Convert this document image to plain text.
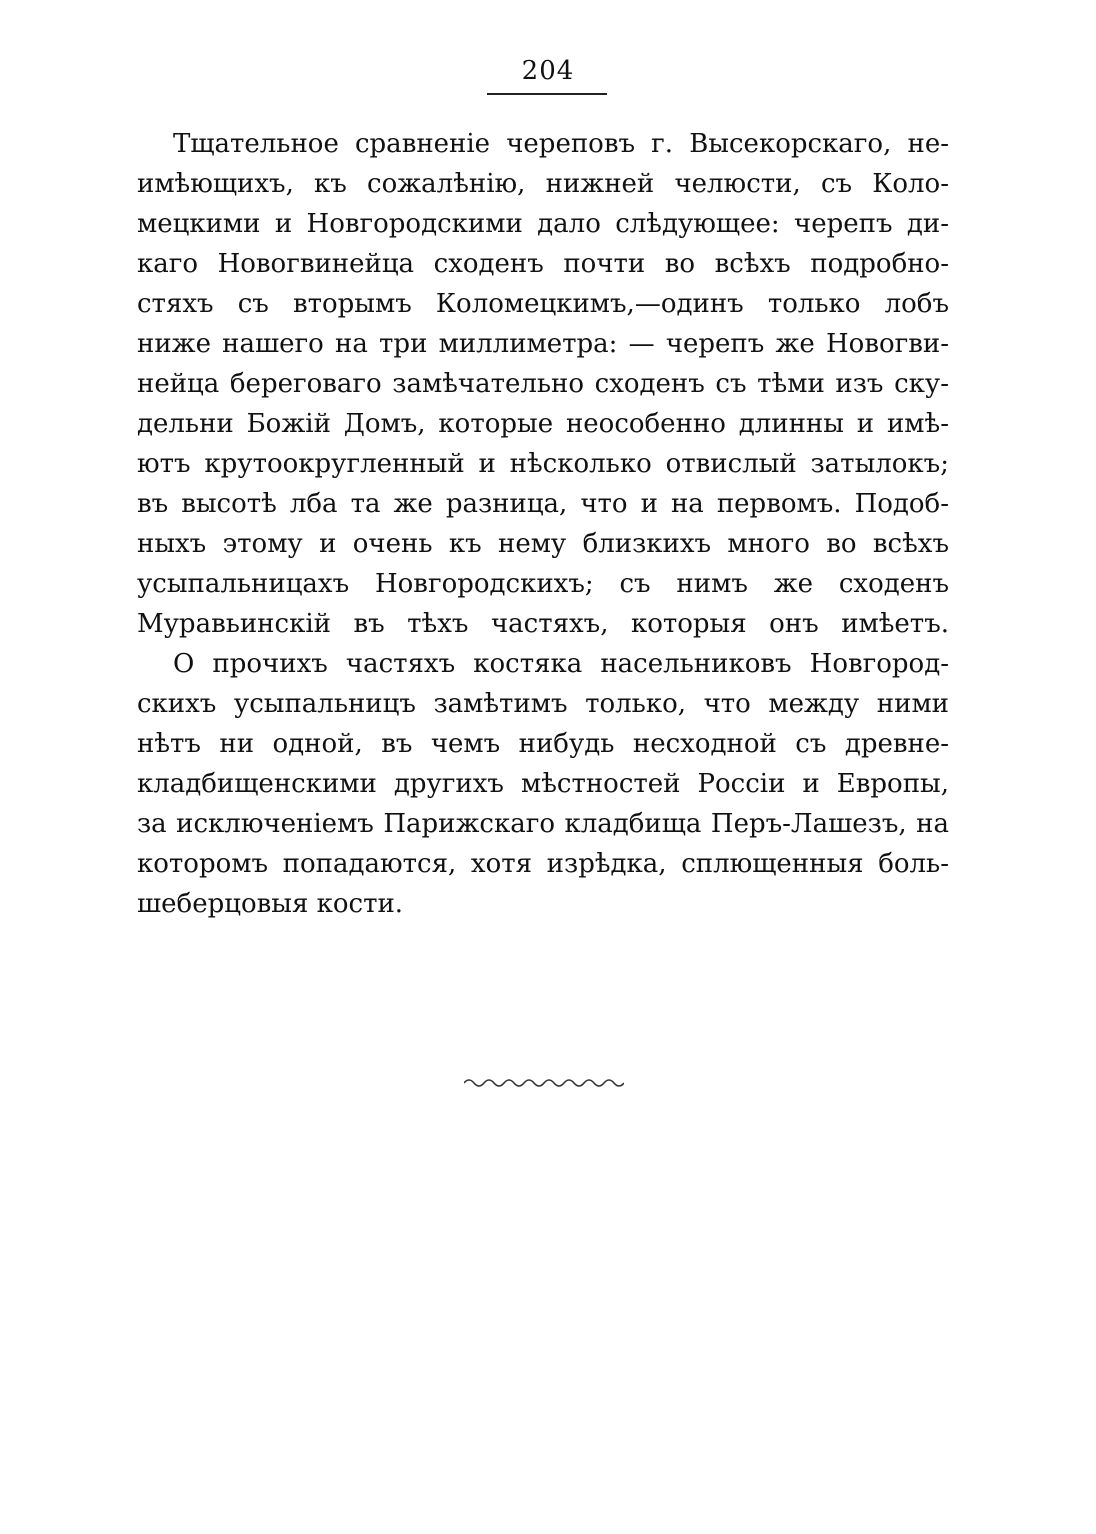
204
Тщательное сравненiе череповъ г. Высекорскаго, не-
имѣющихъ, къ сожалѣнiю, нижней челюсти, съ Коло-
мецкими и Новгородскими дало слѣдующее: черепъ ди-
каго Новогвинейца сходенъ почти во всѣхъ подробно-
стяхъ съ вторымъ Коломецкимъ,—одинъ только лобъ
ниже нашего на три миллиметра: — черепъ же Новогви-
нейца береговаго замѣчательно сходенъ съ тѣми изъ ску-
дельни Божiй Домъ, которые неособенно длинны и имѣ-
ютъ крутоокругленный и нѣсколько отвислый затылокъ;
въ высотѣ лба та же разница, что и на первомъ. Подоб-
ныхъ этому и очень къ нему близкихъ много во всѣхъ
усыпальницахъ Новгородскихъ; съ нимъ же сходенъ
Муравьинскiй въ тѣхъ частяхъ, которыя онъ имѣетъ.
О прочихъ частяхъ костяка насельниковъ Новгород-
скихъ усыпальницъ замѣтимъ только, что между ними
нѣтъ ни одной, въ чемъ нибудь несходной съ древне-
кладбищенскими другихъ мѣстностей Россiи и Европы,
за исключенiемъ Парижскаго кладбища Перъ-Лашезъ, на
которомъ попадаются, хотя изрѣдка, сплющенныя боль-
шеберцовыя кости.
